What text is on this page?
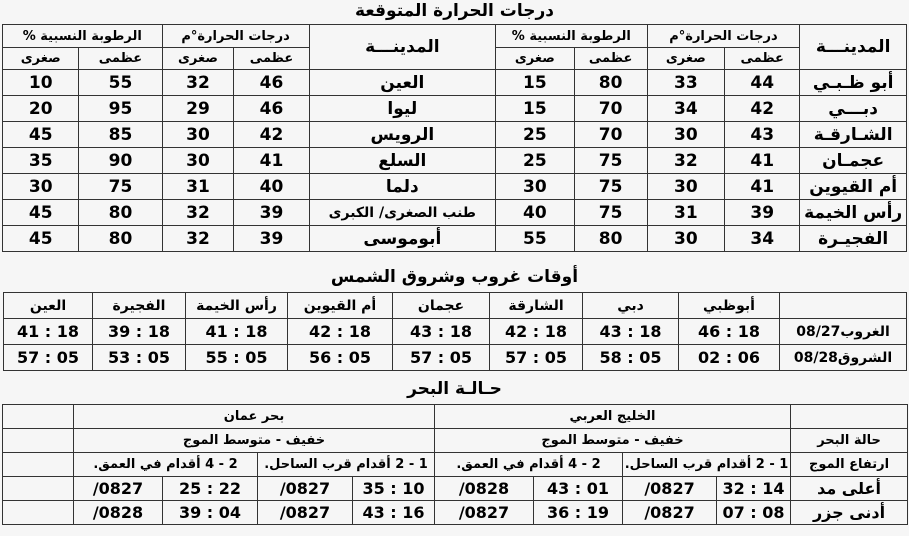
درجات الحرارة المتوقعة
المدينـــة	درجات الحرارة°م		الرطوبة النسبية %		المدينـــة	درجات الحرارة°م		الرطوبة النسبية %	
	عظمى	صغرى	عظمى	صغرى		عظمى	صغرى	عظمى	صغرى
أبو ظـبـي	44	33	80	15	العين	46	32	55	10
دبـــي	42	34	70	15	ليوا	46	29	95	20
الشـارقـة	43	30	70	25	الرويس	42	30	85	45
عجمـان	41	32	75	25	السلع	41	30	90	35
أم القيوين	41	30	75	30	دلما	40	31	75	30
رأس الخيمة	39	31	75	40	طنب الصغرى/ الكبرى	39	32	80	45
الفجيـرة	34	30	80	55	أبوموسى	39	32	80	45
أوقات غروب وشروق الشمس
	أبوظبي	دبي	الشارقة	عجمان	أم القيوين	رأس الخيمة	الفجيرة	العين
الغروب08/27	18 : 46	18 : 43	18 : 42	18 : 43	18 : 42	18 : 41	18 : 39	18 : 41
الشروق08/28	06 : 02	05 : 58	05 : 57	05 : 57	05 : 56	05 : 55	05 : 53	05 : 57
حـالـة البحر
	الخليج العربي				بحر عمان				
حالة البحر	خفيف - متوسط الموج				خفيف - متوسط الموج				
ارتفاع الموج	1 - 2 أقدام قرب الساحل.		2 - 4 أقدام في العمق.		1 - 2 أقدام قرب الساحل.		2 - 4 أقدام في العمق.		
أعلى مد	14 : 32	0827/	01 : 43	0828/	10 : 35	0827/	22 : 25	0827/	
أدنى جزر	08 : 07	0827/	19 : 36	0827/	16 : 43	0827/	04 : 39	0828/	
